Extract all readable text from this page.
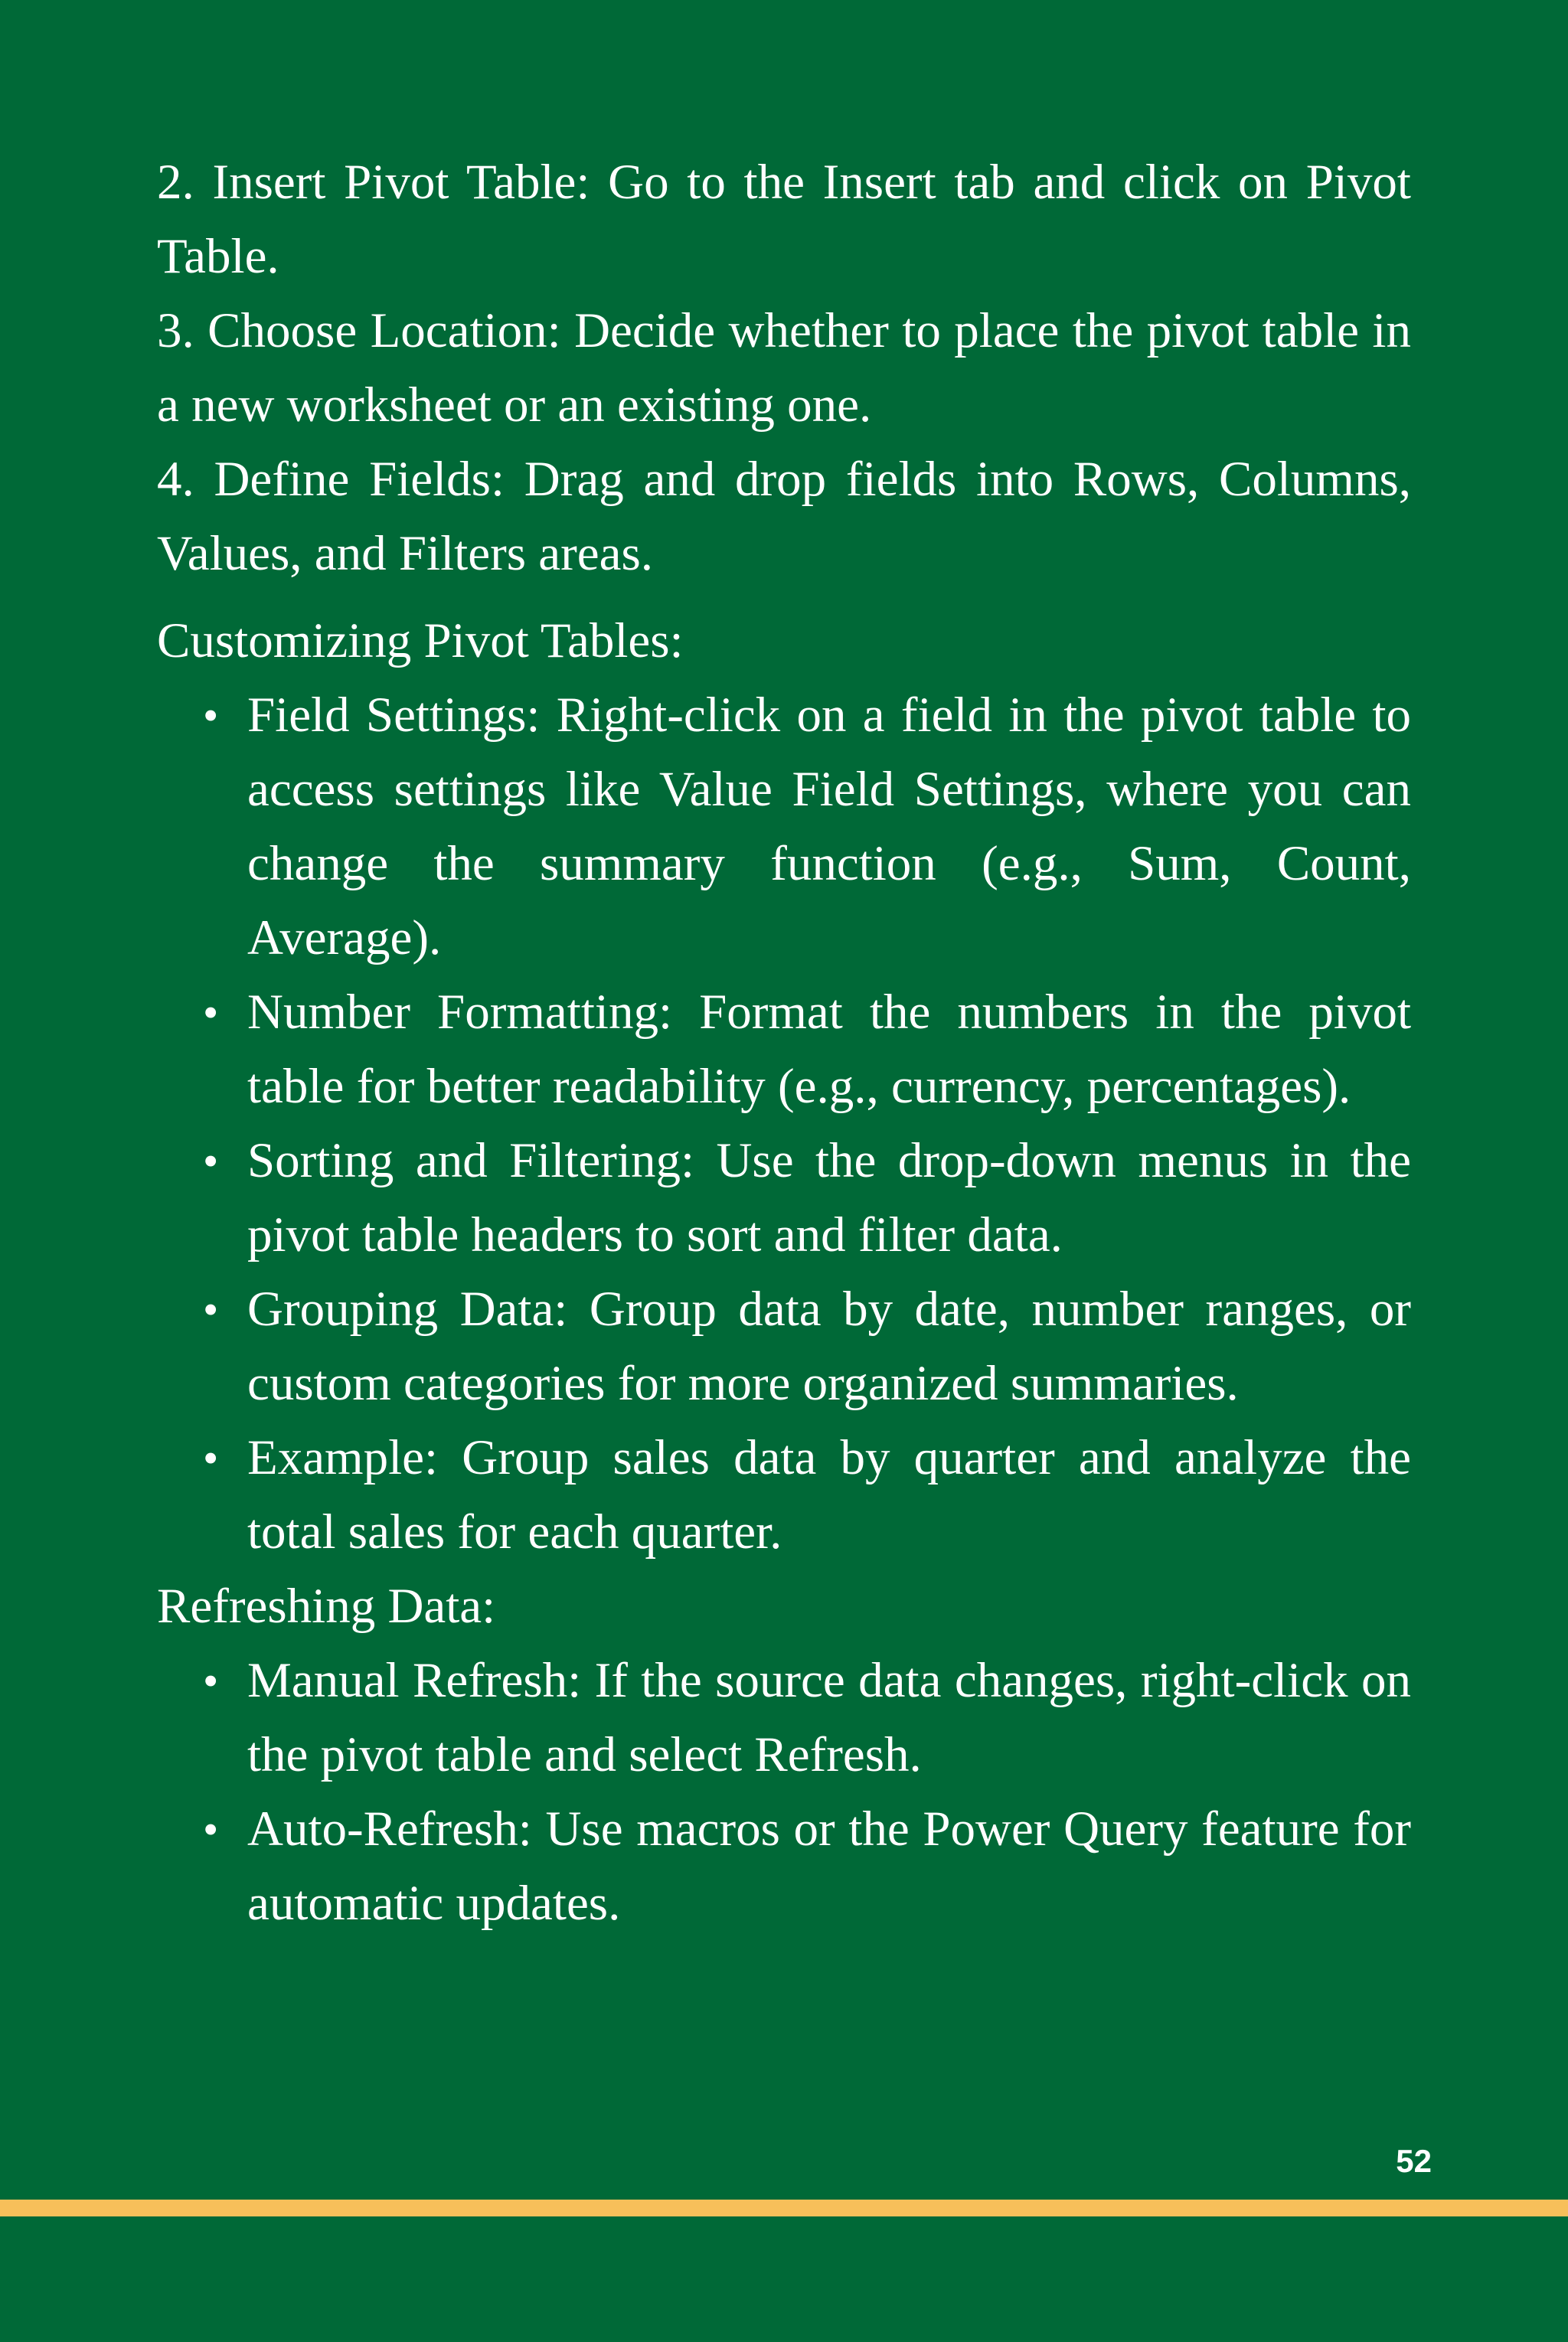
2. Insert Pivot Table: Go to the Insert tab and click on Pivot Table.

3. Choose Location: Decide whether to place the pivot table in a new worksheet or an existing one.

4. Define Fields: Drag and drop fields into Rows, Columns, Values, and Filters areas.

Customizing Pivot Tables:

• Field Settings: Right-click on a field in the pivot table to access settings like Value Field Settings, where you can change the summary function (e.g., Sum, Count, Average).
• Number Formatting: Format the numbers in the pivot table for better readability (e.g., currency, percentages).
• Sorting and Filtering: Use the drop-down menus in the pivot table headers to sort and filter data.
• Grouping Data: Group data by date, number ranges, or custom categories for more organized summaries.
• Example: Group sales data by quarter and analyze the total sales for each quarter.

Refreshing Data:

• Manual Refresh: If the source data changes, right-click on the pivot table and select Refresh.
• Auto-Refresh: Use macros or the Power Query feature for automatic updates.
52
